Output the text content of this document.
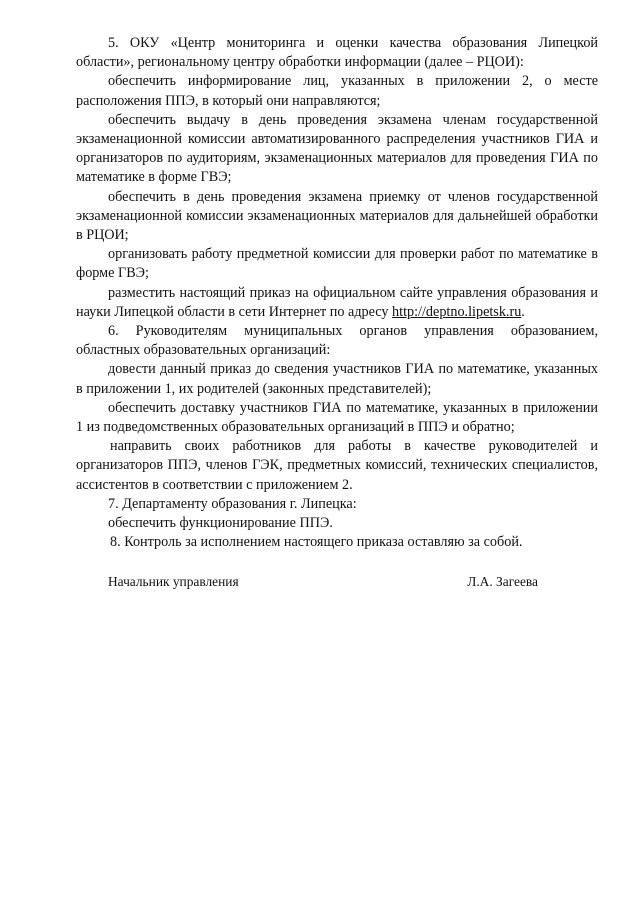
5. ОКУ «Центр мониторинга и оценки качества образования Липецкой области», региональному центру обработки информации (далее – РЦОИ):

обеспечить информирование лиц, указанных в приложении 2, о месте расположения ППЭ, в который они направляются;

обеспечить выдачу в день проведения экзамена членам государственной экзаменационной комиссии автоматизированного распределения участников ГИА и организаторов по аудиториям, экзаменационных материалов для проведения ГИА по математике в форме ГВЭ;

обеспечить в день проведения экзамена приемку от членов государственной экзаменационной комиссии экзаменационных материалов для дальнейшей обработки в РЦОИ;

организовать работу предметной комиссии для проверки работ по математике в форме ГВЭ;

разместить настоящий приказ на официальном сайте управления образования и науки Липецкой области в сети Интернет по адресу http://deptno.lipetsk.ru.

6. Руководителям муниципальных органов управления образованием, областных образовательных организаций:

довести данный приказ до сведения участников ГИА по математике, указанных в приложении 1, их родителей (законных представителей);

обеспечить доставку участников ГИА по математике, указанных в приложении 1 из подведомственных образовательных организаций в ППЭ и обратно;

направить своих работников для работы в качестве руководителей и организаторов ППЭ, членов ГЭК, предметных комиссий, технических специалистов, ассистентов в соответствии с приложением 2.

7. Департаменту образования г. Липецка:

обеспечить функционирование ППЭ.

8. Контроль за исполнением настоящего приказа оставляю за собой.

Начальник управления	Л.А. Загеева
